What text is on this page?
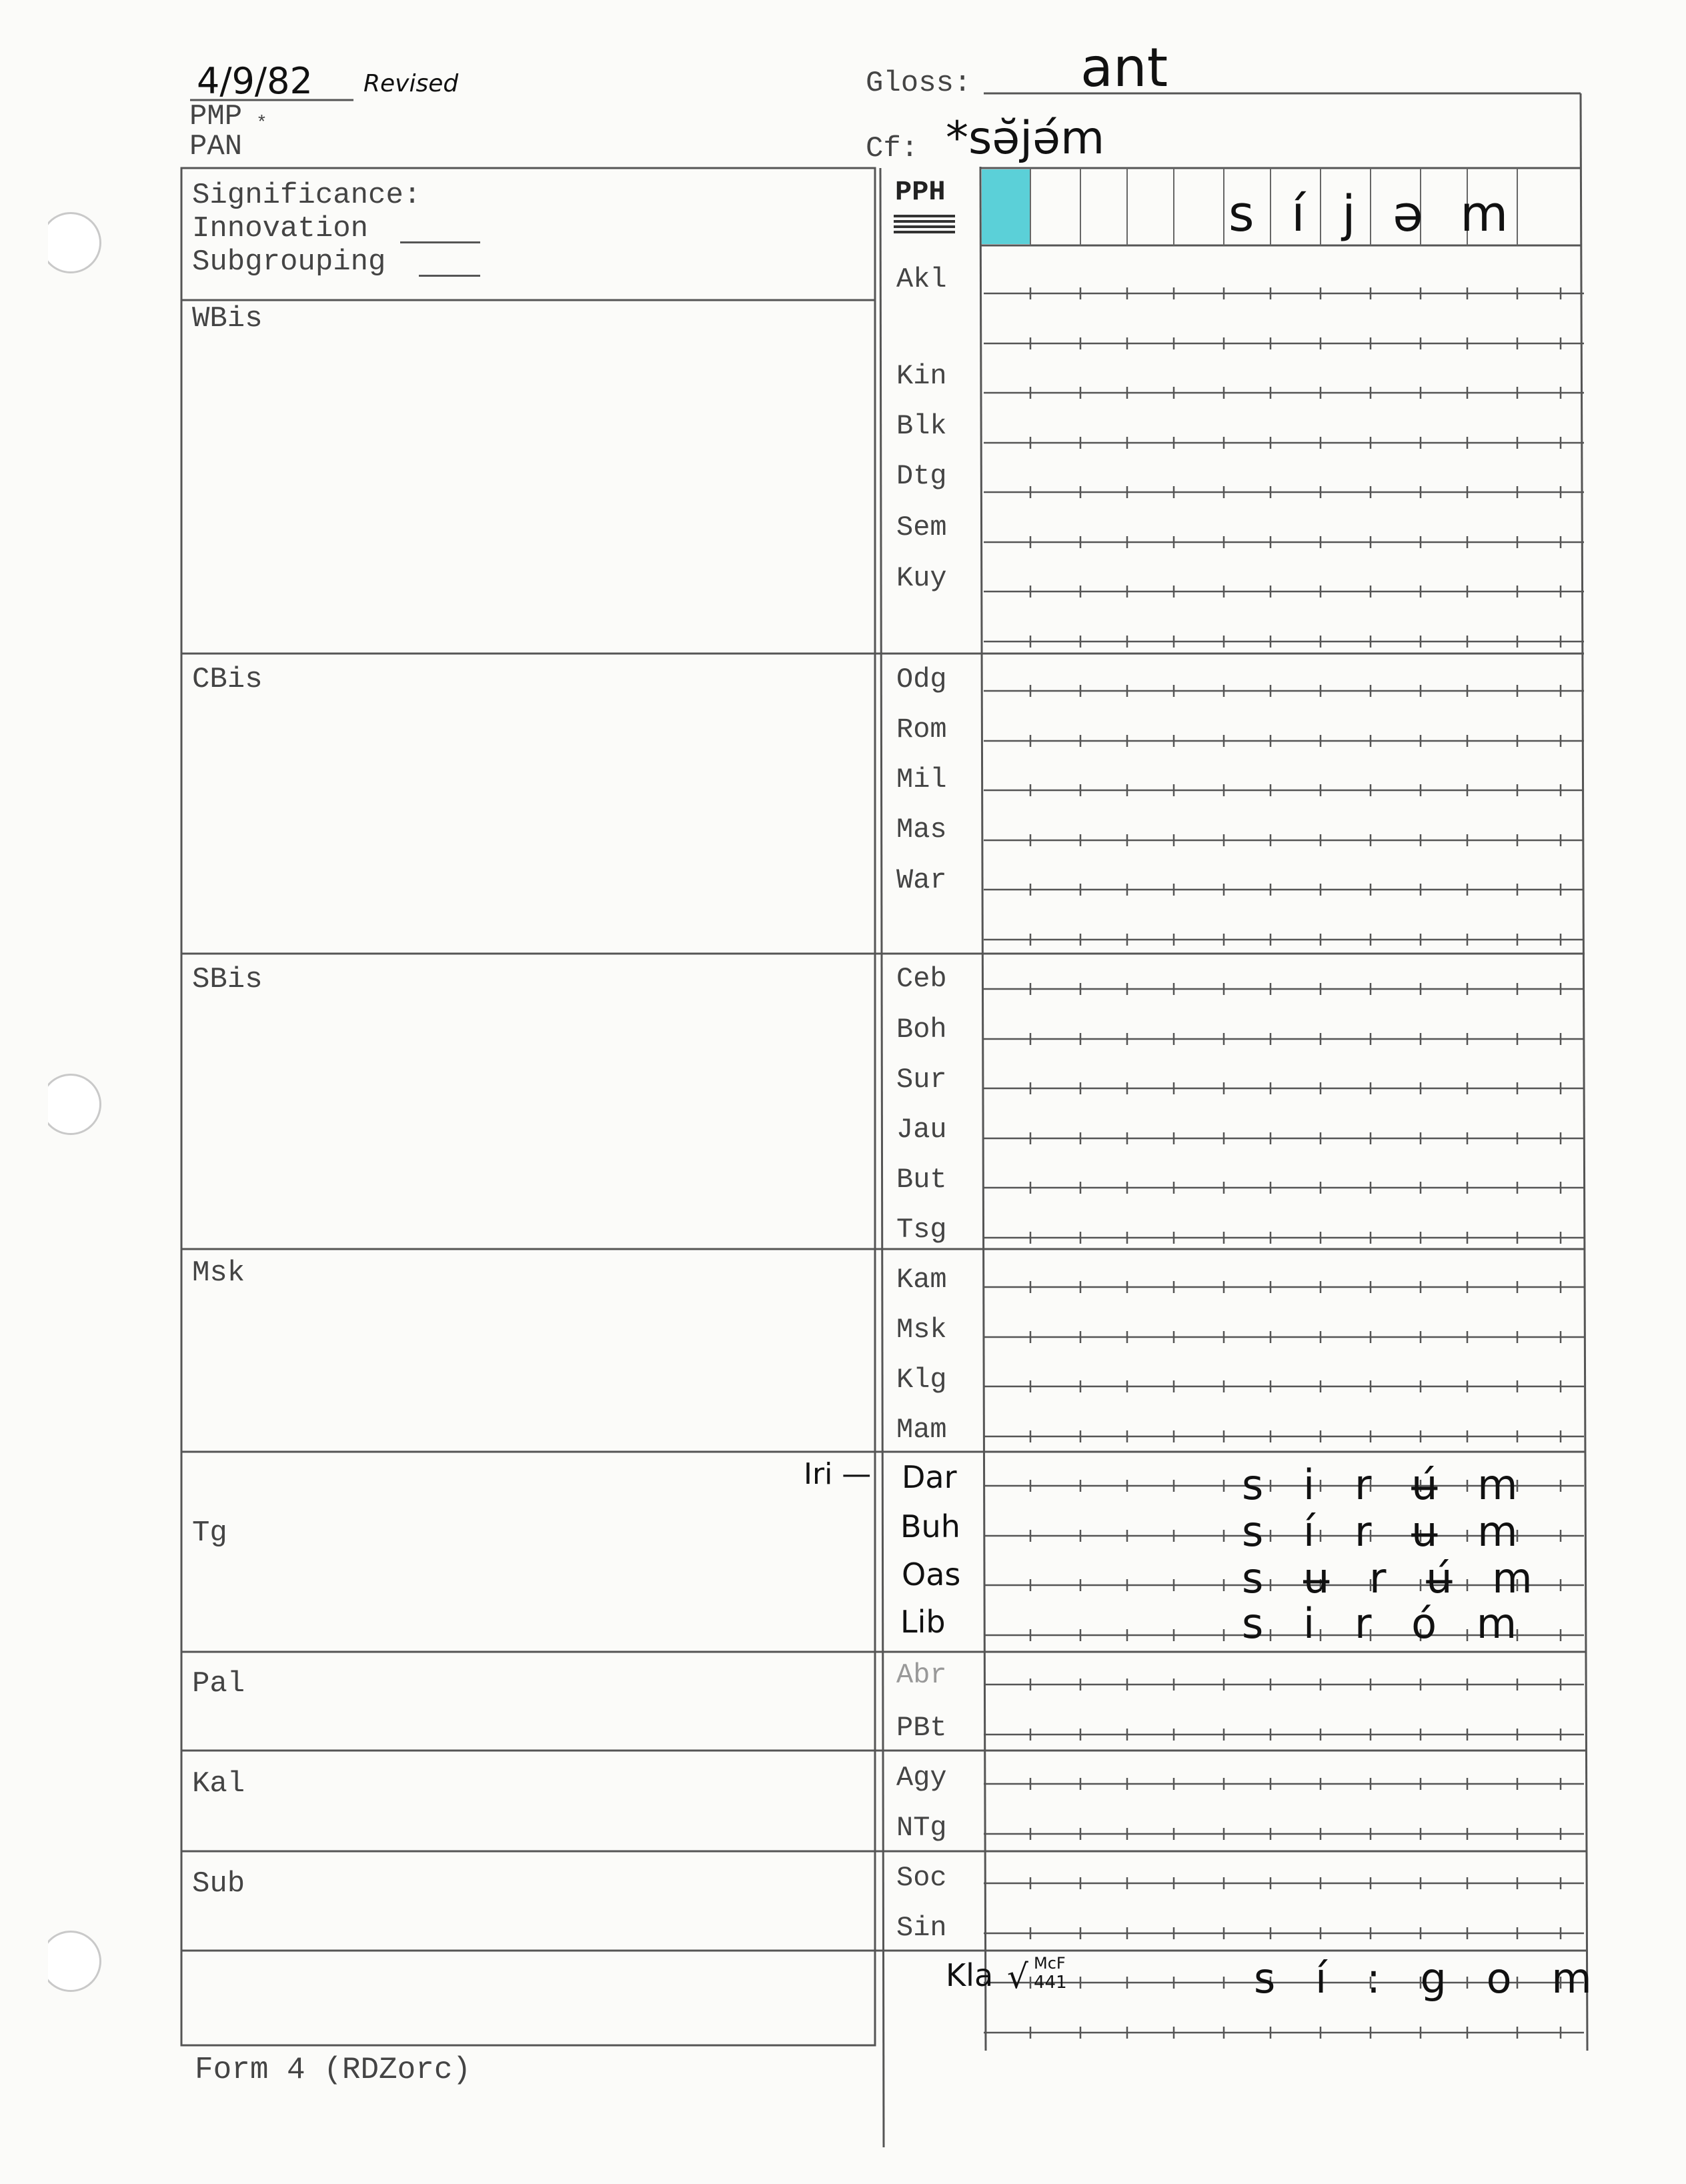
4/9/82 Revised
PMP *
PAN
Gloss: ant
Cf: *sǝ̆jǝ́m
Significance:
Innovation
Subgrouping
PPH	s í j ǝ m
WBis
CBis
SBis
Msk
Tg
Pal
Kal
Sub
Akl
Kin
Blk
Dtg
Sem
Kuy
Odg
Rom
Mil
Mas
War
Ceb
Boh
Sur
Jau
But
Tsg
Kam
Msk
Klg
Mam
Iri — Dar
Buh
Oas
Lib
Abr
PBt
Agy
NTg
Soc
Sin
Kla
s i r ʉ́ m
s í r ʉ m
s ʉ r ʉ́ m
s i r ó m
√ McF
441	s í : g o m
Form 4 (RDZorc)
